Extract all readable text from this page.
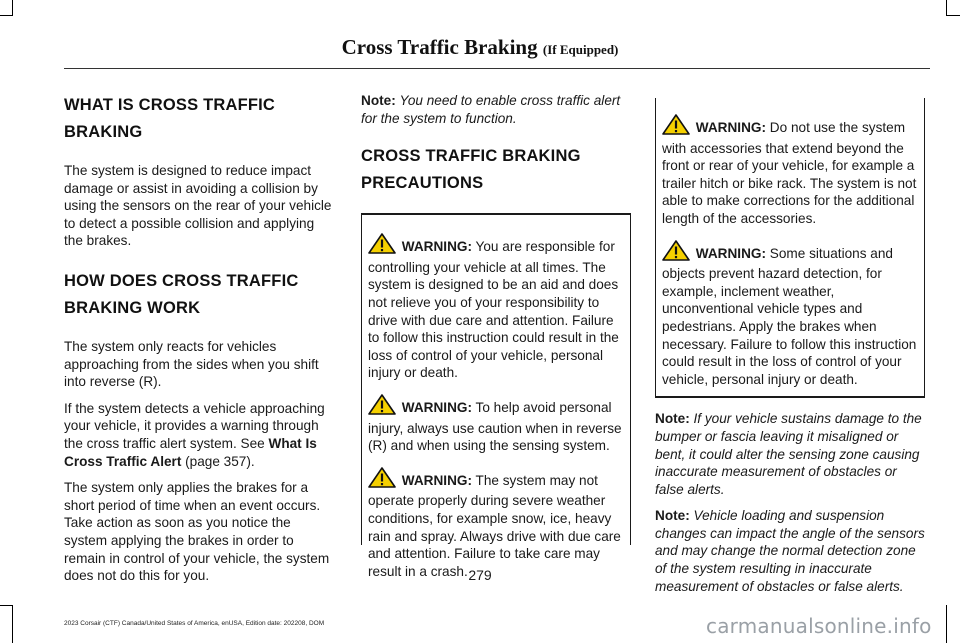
Cross Traffic Braking (If Equipped)
WHAT IS CROSS TRAFFIC
BRAKING

The system is designed to reduce impact damage or assist in avoiding a collision by using the sensors on the rear of your vehicle to detect a possible collision and applying the brakes.

HOW DOES CROSS TRAFFIC
BRAKING WORK

The system only reacts for vehicles approaching from the sides when you shift into reverse (R).

If the system detects a vehicle approaching your vehicle, it provides a warning through the cross traffic alert system. See What Is Cross Traffic Alert (page 357).

The system only applies the brakes for a short period of time when an event occurs. Take action as soon as you notice the system applying the brakes in order to remain in control of your vehicle, the system does not do this for you.

Note: You need to enable cross traffic alert for the system to function.

CROSS TRAFFIC BRAKING
PRECAUTIONS
WARNING: You are responsible for controlling your vehicle at all times. The system is designed to be an aid and does not relieve you of your responsibility to drive with due care and attention. Failure to follow this instruction could result in the loss of control of your vehicle, personal injury or death.
WARNING: To help avoid personal injury, always use caution when in reverse (R) and when using the sensing system.
WARNING: The system may not operate properly during severe weather conditions, for example snow, ice, heavy rain and spray. Always drive with due care and attention. Failure to take care may result in a crash.
WARNING: Do not use the system with accessories that extend beyond the front or rear of your vehicle, for example a trailer hitch or bike rack. The system is not able to make corrections for the additional length of the accessories.
WARNING: Some situations and objects prevent hazard detection, for example, inclement weather, unconventional vehicle types and pedestrians. Apply the brakes when necessary. Failure to follow this instruction could result in the loss of control of your vehicle, personal injury or death.

Note: If your vehicle sustains damage to the bumper or fascia leaving it misaligned or bent, it could alter the sensing zone causing inaccurate measurement of obstacles or false alerts.

Note: Vehicle loading and suspension changes can impact the angle of the sensors and may change the normal detection zone of the system resulting in inaccurate measurement of obstacles or false alerts.

279
2023 Corsair (CTF) Canada/United States of America, enUSA, Edition date: 202208, DOM	carmanualsonline.info
